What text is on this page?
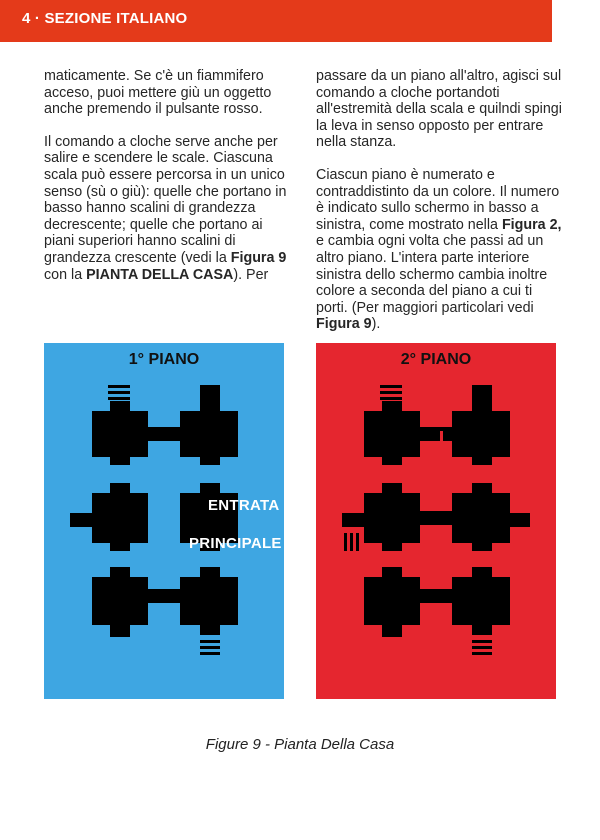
4 · SEZIONE ITALIANO

maticamente. Se c'è un fiammifero acceso, puoi mettere giù un oggetto anche premendo il pulsante rosso.

Il comando a cloche serve anche per salire e scendere le scale. Ciascuna scala può essere percorsa in un unico senso (sù o giù): quelle che portano in basso hanno scalini di grandezza decrescente; quelle che portano ai piani superiori hanno scalini di grandezza crescente (vedi la Figura 9 con la PIANTA DELLA CASA). Per

passare da un piano all'altro, agisci sul comando a cloche portandoti all'estremità della scala e quilndi spingi la leva in senso opposto per entrare nella stanza.

Ciascun piano è numerato e contraddistinto da un colore. Il numero è indicato sullo schermo in basso a sinistra, come mostrato nella Figura 2, e cambia ogni volta che passi ad un altro piano. L'intera parte interiore sinistra dello schermo cambia inoltre colore a seconda del piano a cui ti porti. (Per maggiori particolari vedi Figura 9).

1° PIANO
ENTRATA
PRINCIPALE
2° PIANO
Figure 9 - Pianta Della Casa
